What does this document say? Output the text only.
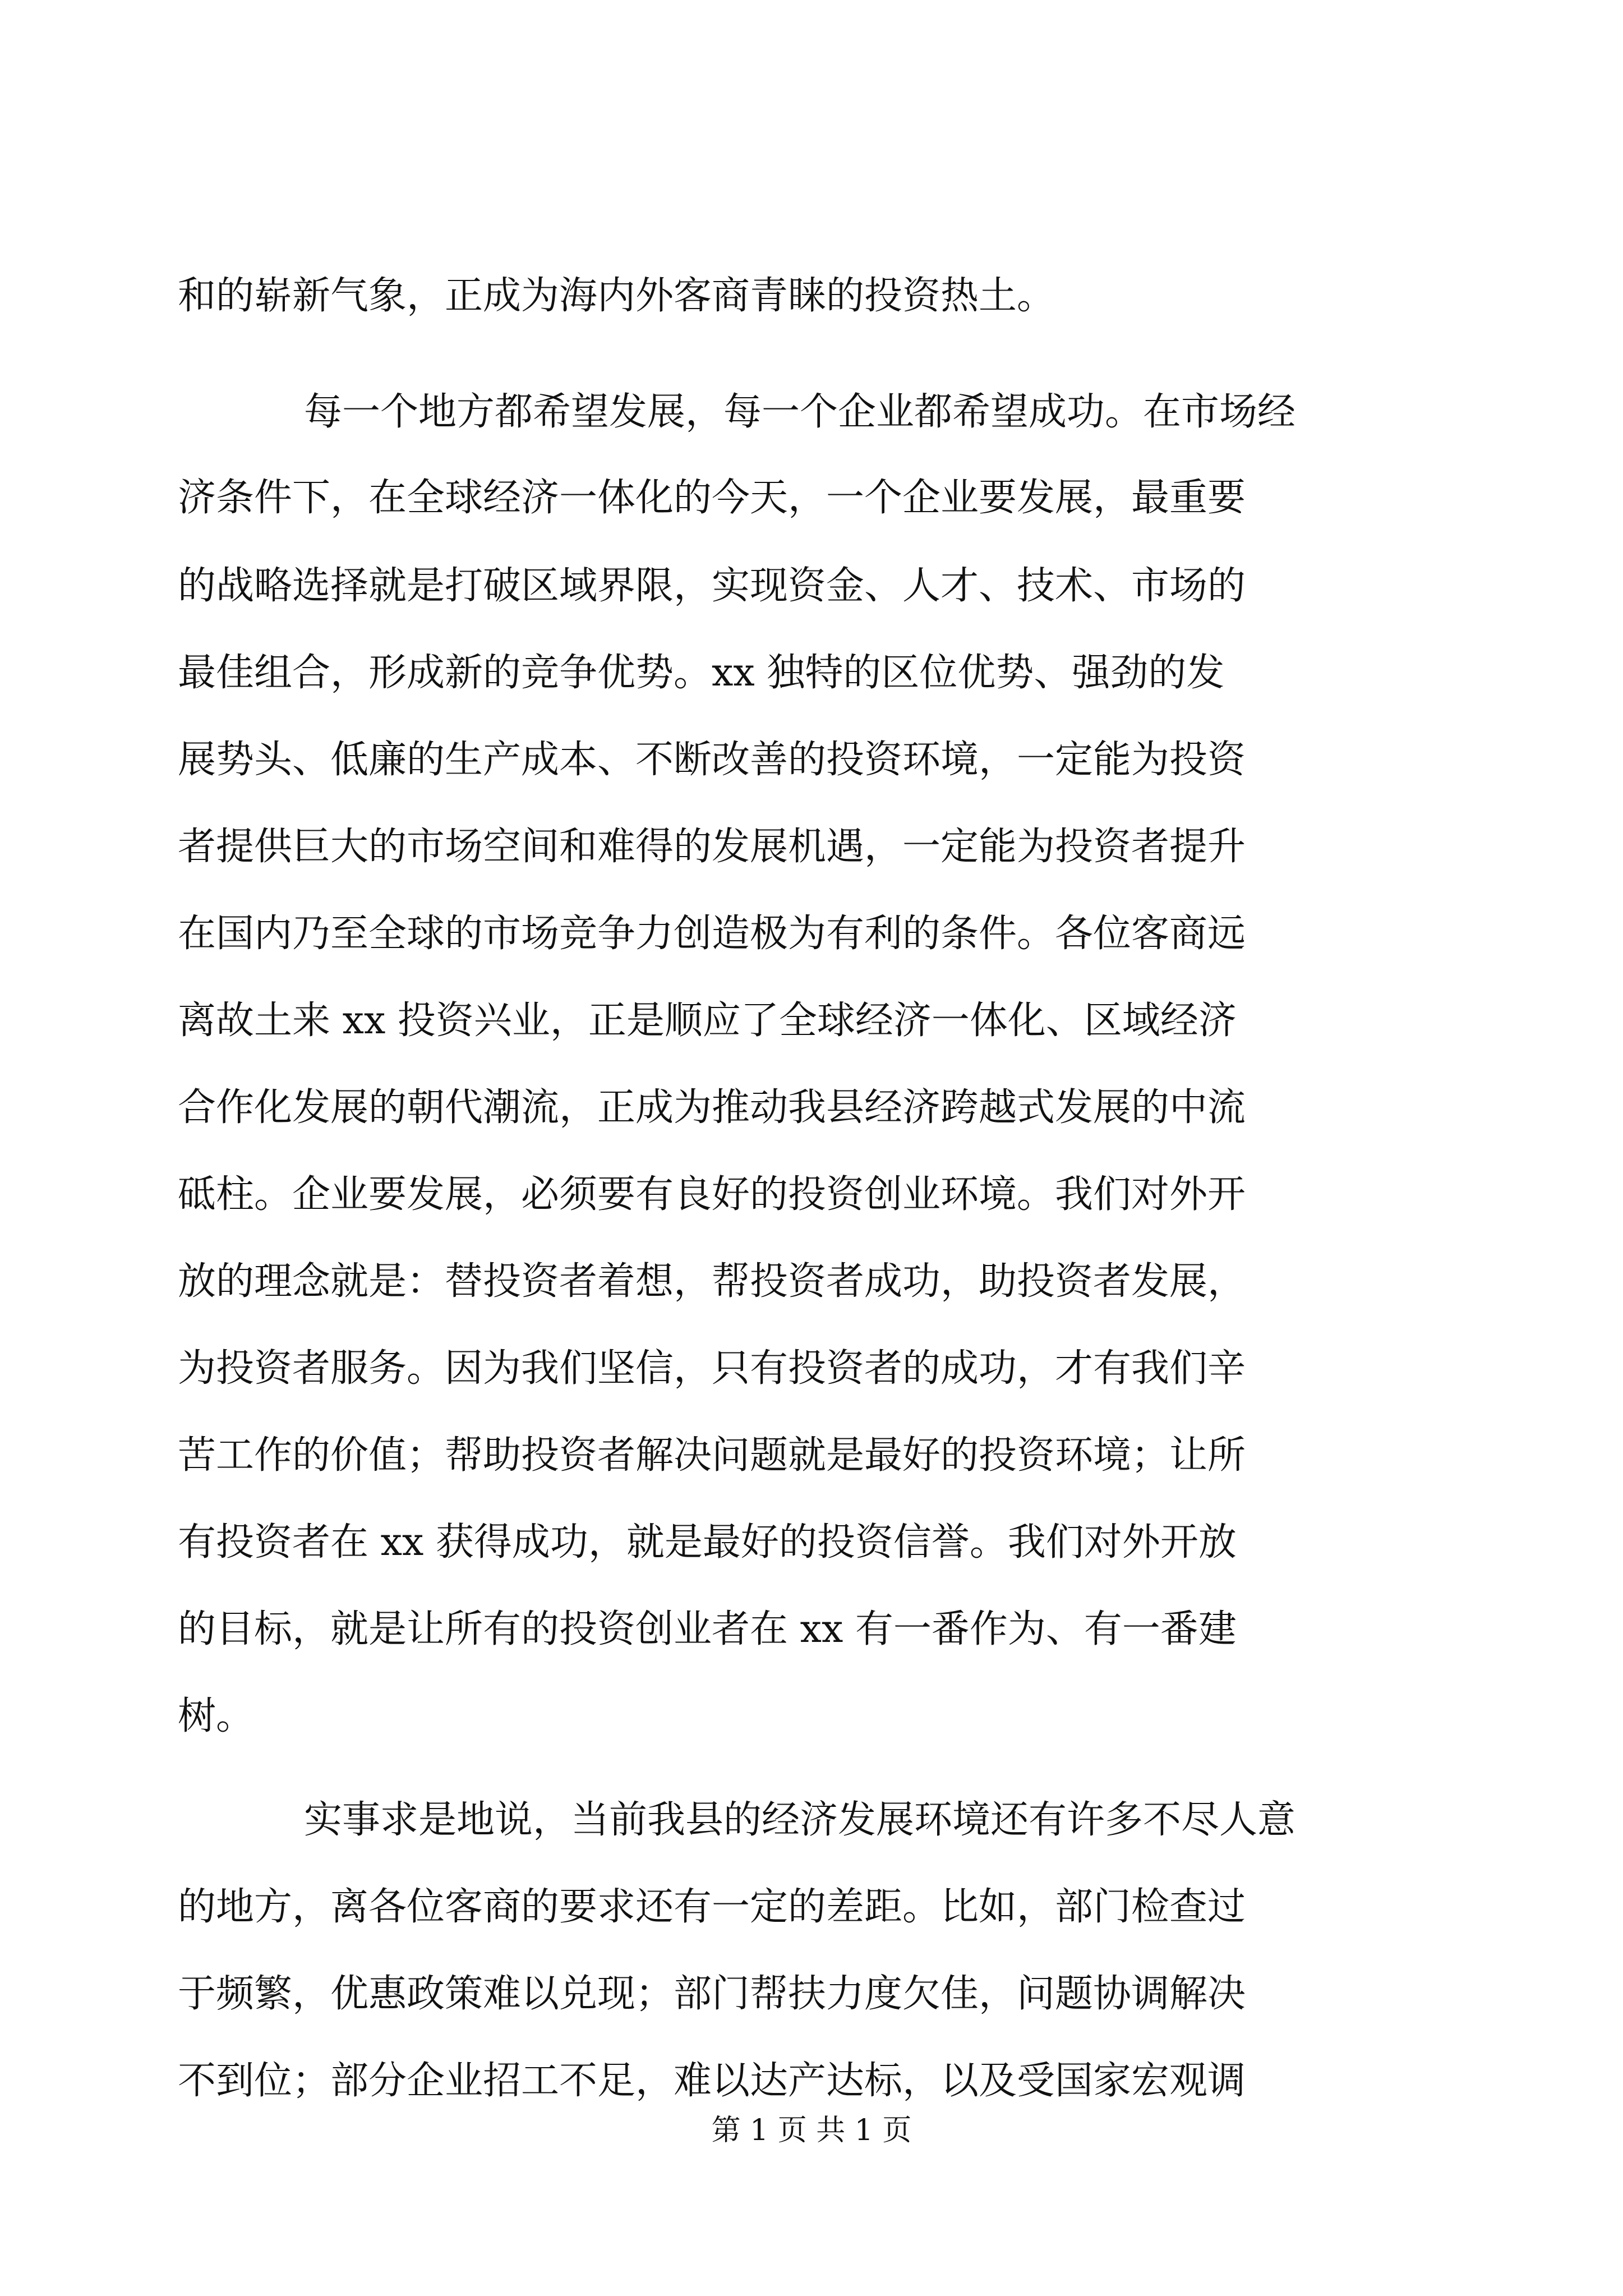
和的崭新气象，正成为海内外客商青睐的投资热土。
每一个地方都希望发展，每一个企业都希望成功。在市场经
济条件下，在全球经济一体化的今天，一个企业要发展，最重要
的战略选择就是打破区域界限，实现资金、人才、技术、市场的
最佳组合，形成新的竞争优势。xx 独特的区位优势、强劲的发
展势头、低廉的生产成本、不断改善的投资环境，一定能为投资
者提供巨大的市场空间和难得的发展机遇，一定能为投资者提升
在国内乃至全球的市场竞争力创造极为有利的条件。各位客商远
离故土来 xx 投资兴业，正是顺应了全球经济一体化、区域经济
合作化发展的朝代潮流，正成为推动我县经济跨越式发展的中流
砥柱。企业要发展，必须要有良好的投资创业环境。我们对外开
放的理念就是：替投资者着想，帮投资者成功，助投资者发展，
为投资者服务。因为我们坚信，只有投资者的成功，才有我们辛
苦工作的价值；帮助投资者解决问题就是最好的投资环境；让所
有投资者在 xx 获得成功，就是最好的投资信誉。我们对外开放
的目标，就是让所有的投资创业者在 xx 有一番作为、有一番建
树。
实事求是地说，当前我县的经济发展环境还有许多不尽人意
的地方，离各位客商的要求还有一定的差距。比如，部门检查过
于频繁，优惠政策难以兑现；部门帮扶力度欠佳，问题协调解决
不到位；部分企业招工不足，难以达产达标，以及受国家宏观调
第 1 页 共 1 页
